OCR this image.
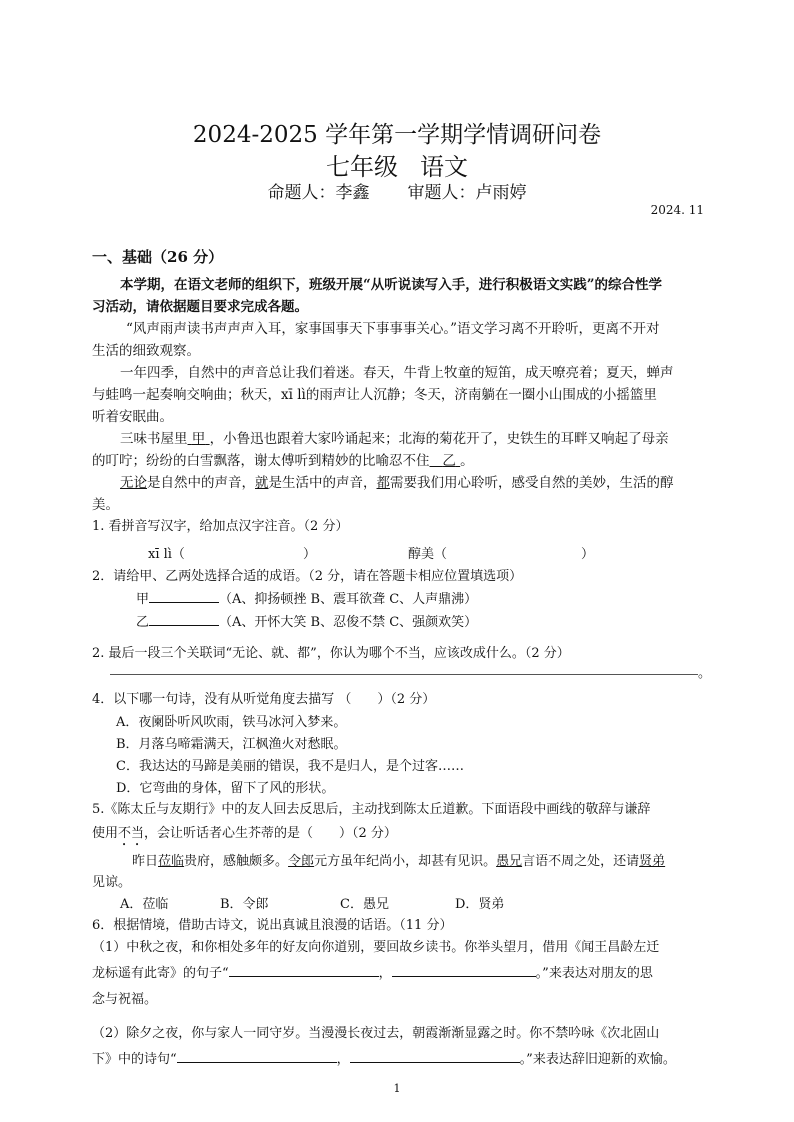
2024-2025 学年第一学期学情调研问卷
七年级 语文
命题人：李鑫 审题人：卢雨婷
2024. 11
一、基础（26 分）
本学期，在语文老师的组织下，班级开展“从听说读写入手，进行积极语文实践”的综合性学
习活动，请依据题目要求完成各题。
“风声雨声读书声声声入耳，家事国事天下事事事关心。”语文学习离不开聆听，更离不开对
生活的细致观察。
一年四季，自然中的声音总让我们着迷。春天，牛背上牧童的短笛，成天嘹亮着；夏天，蝉声
与蛙鸣一起奏响交响曲；秋天，xī lì的雨声让人沉静；冬天，济南躺在一圈小山围成的小摇篮里
听着安眠曲。
三味书屋里 甲 ，小鲁迅也跟着大家吟诵起来；北海的菊花开了，史铁生的耳畔又响起了母亲
的叮咛；纷纷的白雪飘落，谢太傅听到精妙的比喻忍不住 乙 。
无论是自然中的声音，就是生活中的声音，都需要我们用心聆听，感受自然的美妙，生活的醇
美。
1. 看拼音写汉字，给加点汉字注音。（2 分）
xī lì（	）	醇美（	）
2．请给甲、乙两处选择合适的成语。（2 分，请在答题卡相应位置填选项）
甲	（A、抑扬顿挫 B、震耳欲聋 C、人声鼎沸）
乙	（A、开怀大笑 B、忍俊不禁 C、强颜欢笑）
2. 最后一段三个关联词“无论、就、都”，你认为哪个不当，应该改成什么。（2 分）
。
4．以下哪一句诗，没有从听觉角度去描写 （　　）（2 分）
A．夜阑卧听风吹雨，铁马冰河入梦来。
B．月落乌啼霜满天，江枫渔火对愁眠。
C．我达达的马蹄是美丽的错误，我不是归人，是个过客……
D．它弯曲的身体，留下了风的形状。
5.《陈太丘与友期行》中的友人回去反思后，主动找到陈太丘道歉。下面语段中画线的敬辞与谦辞
使用不当，会让听话者心生芥蒂的是（　　）（2 分）
昨日莅临贵府，感触颇多。令郎元方虽年纪尚小，却甚有见识。愚兄言语不周之处，还请贤弟
见谅。
A．莅临	B．令郎	C．愚兄	D．贤弟
6．根据情境，借助古诗文，说出真诚且浪漫的话语。（11 分）
（1）中秋之夜，和你相处多年的好友向你道别，要回故乡读书。你举头望月，借用《闻王昌龄左迁
龙标遥有此寄》的句子“	，	。”来表达对朋友的思
念与祝福。
（2）除夕之夜，你与家人一同守岁。当漫漫长夜过去，朝霞渐渐显露之时。你不禁吟咏《次北固山
下》中的诗句“	，	。”来表达辞旧迎新的欢愉。
1
